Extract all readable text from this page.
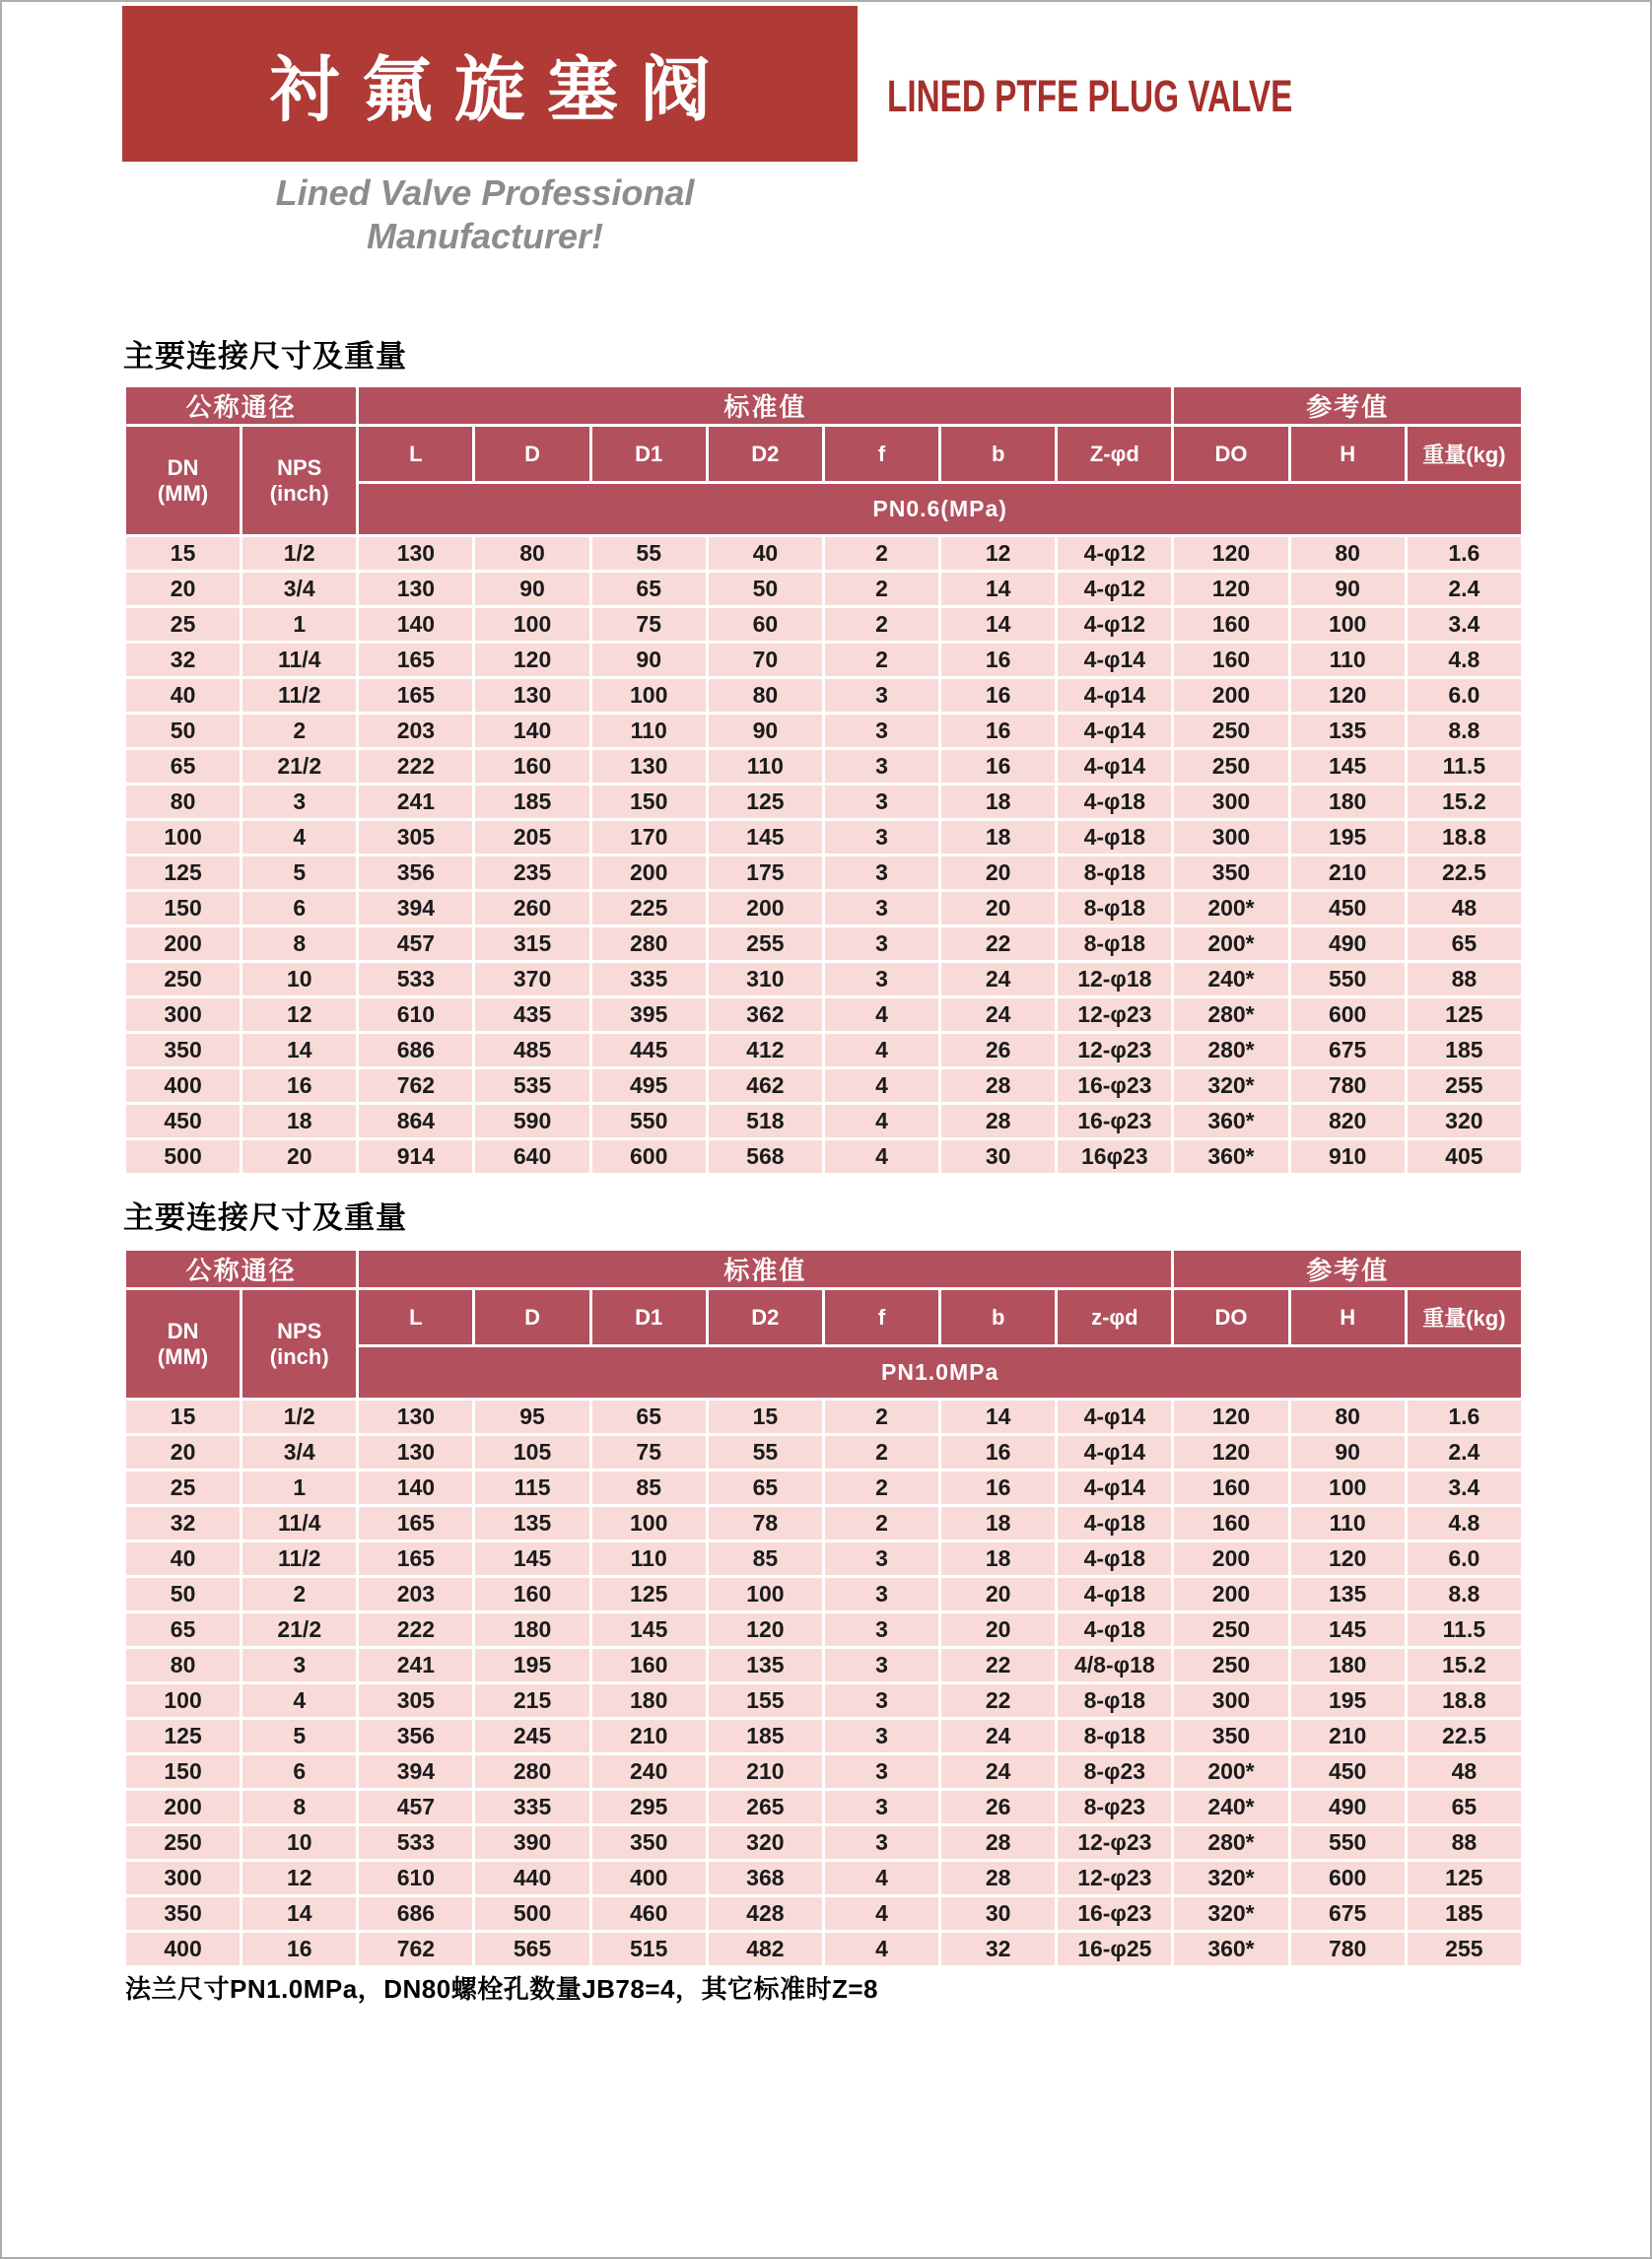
衬氟旋塞阀	LINED PTFE PLUG VALVE
Lined Valve Professional
Manufacturer!
主要连接尺寸及重量
公称通径		标准值							参考值		

DN
(MM)	NPS
(inch)	L	D	D1	D2	f	b	Z-φd	DO	H	重量(kg)
		PN0.6(MPa)									
15	1/2	130	80	55	40	2	12	4-φ12	120	80	1.6
20	3/4	130	90	65	50	2	14	4-φ12	120	90	2.4
25	1	140	100	75	60	2	14	4-φ12	160	100	3.4
32	11/4	165	120	90	70	2	16	4-φ14	160	110	4.8
40	11/2	165	130	100	80	3	16	4-φ14	200	120	6.0
50	2	203	140	110	90	3	16	4-φ14	250	135	8.8
65	21/2	222	160	130	110	3	16	4-φ14	250	145	11.5
80	3	241	185	150	125	3	18	4-φ18	300	180	15.2
100	4	305	205	170	145	3	18	4-φ18	300	195	18.8
125	5	356	235	200	175	3	20	8-φ18	350	210	22.5
150	6	394	260	225	200	3	20	8-φ18	200*	450	48
200	8	457	315	280	255	3	22	8-φ18	200*	490	65
250	10	533	370	335	310	3	24	12-φ18	240*	550	88
300	12	610	435	395	362	4	24	12-φ23	280*	600	125
350	14	686	485	445	412	4	26	12-φ23	280*	675	185
400	16	762	535	495	462	4	28	16-φ23	320*	780	255
450	18	864	590	550	518	4	28	16-φ23	360*	820	320
500	20	914	640	600	568	4	30	16φ23	360*	910	405
主要连接尺寸及重量
公称通径		标准值							参考值		

DN
(MM)	NPS
(inch)	L	D	D1	D2	f	b	z-φd	DO	H	重量(kg)
		PN1.0MPa									
15	1/2	130	95	65	15	2	14	4-φ14	120	80	1.6
20	3/4	130	105	75	55	2	16	4-φ14	120	90	2.4
25	1	140	115	85	65	2	16	4-φ14	160	100	3.4
32	11/4	165	135	100	78	2	18	4-φ18	160	110	4.8
40	11/2	165	145	110	85	3	18	4-φ18	200	120	6.0
50	2	203	160	125	100	3	20	4-φ18	200	135	8.8
65	21/2	222	180	145	120	3	20	4-φ18	250	145	11.5
80	3	241	195	160	135	3	22	4/8-φ18	250	180	15.2
100	4	305	215	180	155	3	22	8-φ18	300	195	18.8
125	5	356	245	210	185	3	24	8-φ18	350	210	22.5
150	6	394	280	240	210	3	24	8-φ23	200*	450	48
200	8	457	335	295	265	3	26	8-φ23	240*	490	65
250	10	533	390	350	320	3	28	12-φ23	280*	550	88
300	12	610	440	400	368	4	28	12-φ23	320*	600	125
350	14	686	500	460	428	4	30	16-φ23	320*	675	185
400	16	762	565	515	482	4	32	16-φ25	360*	780	255
法兰尺寸PN1.0MPa，DN80螺栓孔数量JB78=4，其它标准时Z=8
